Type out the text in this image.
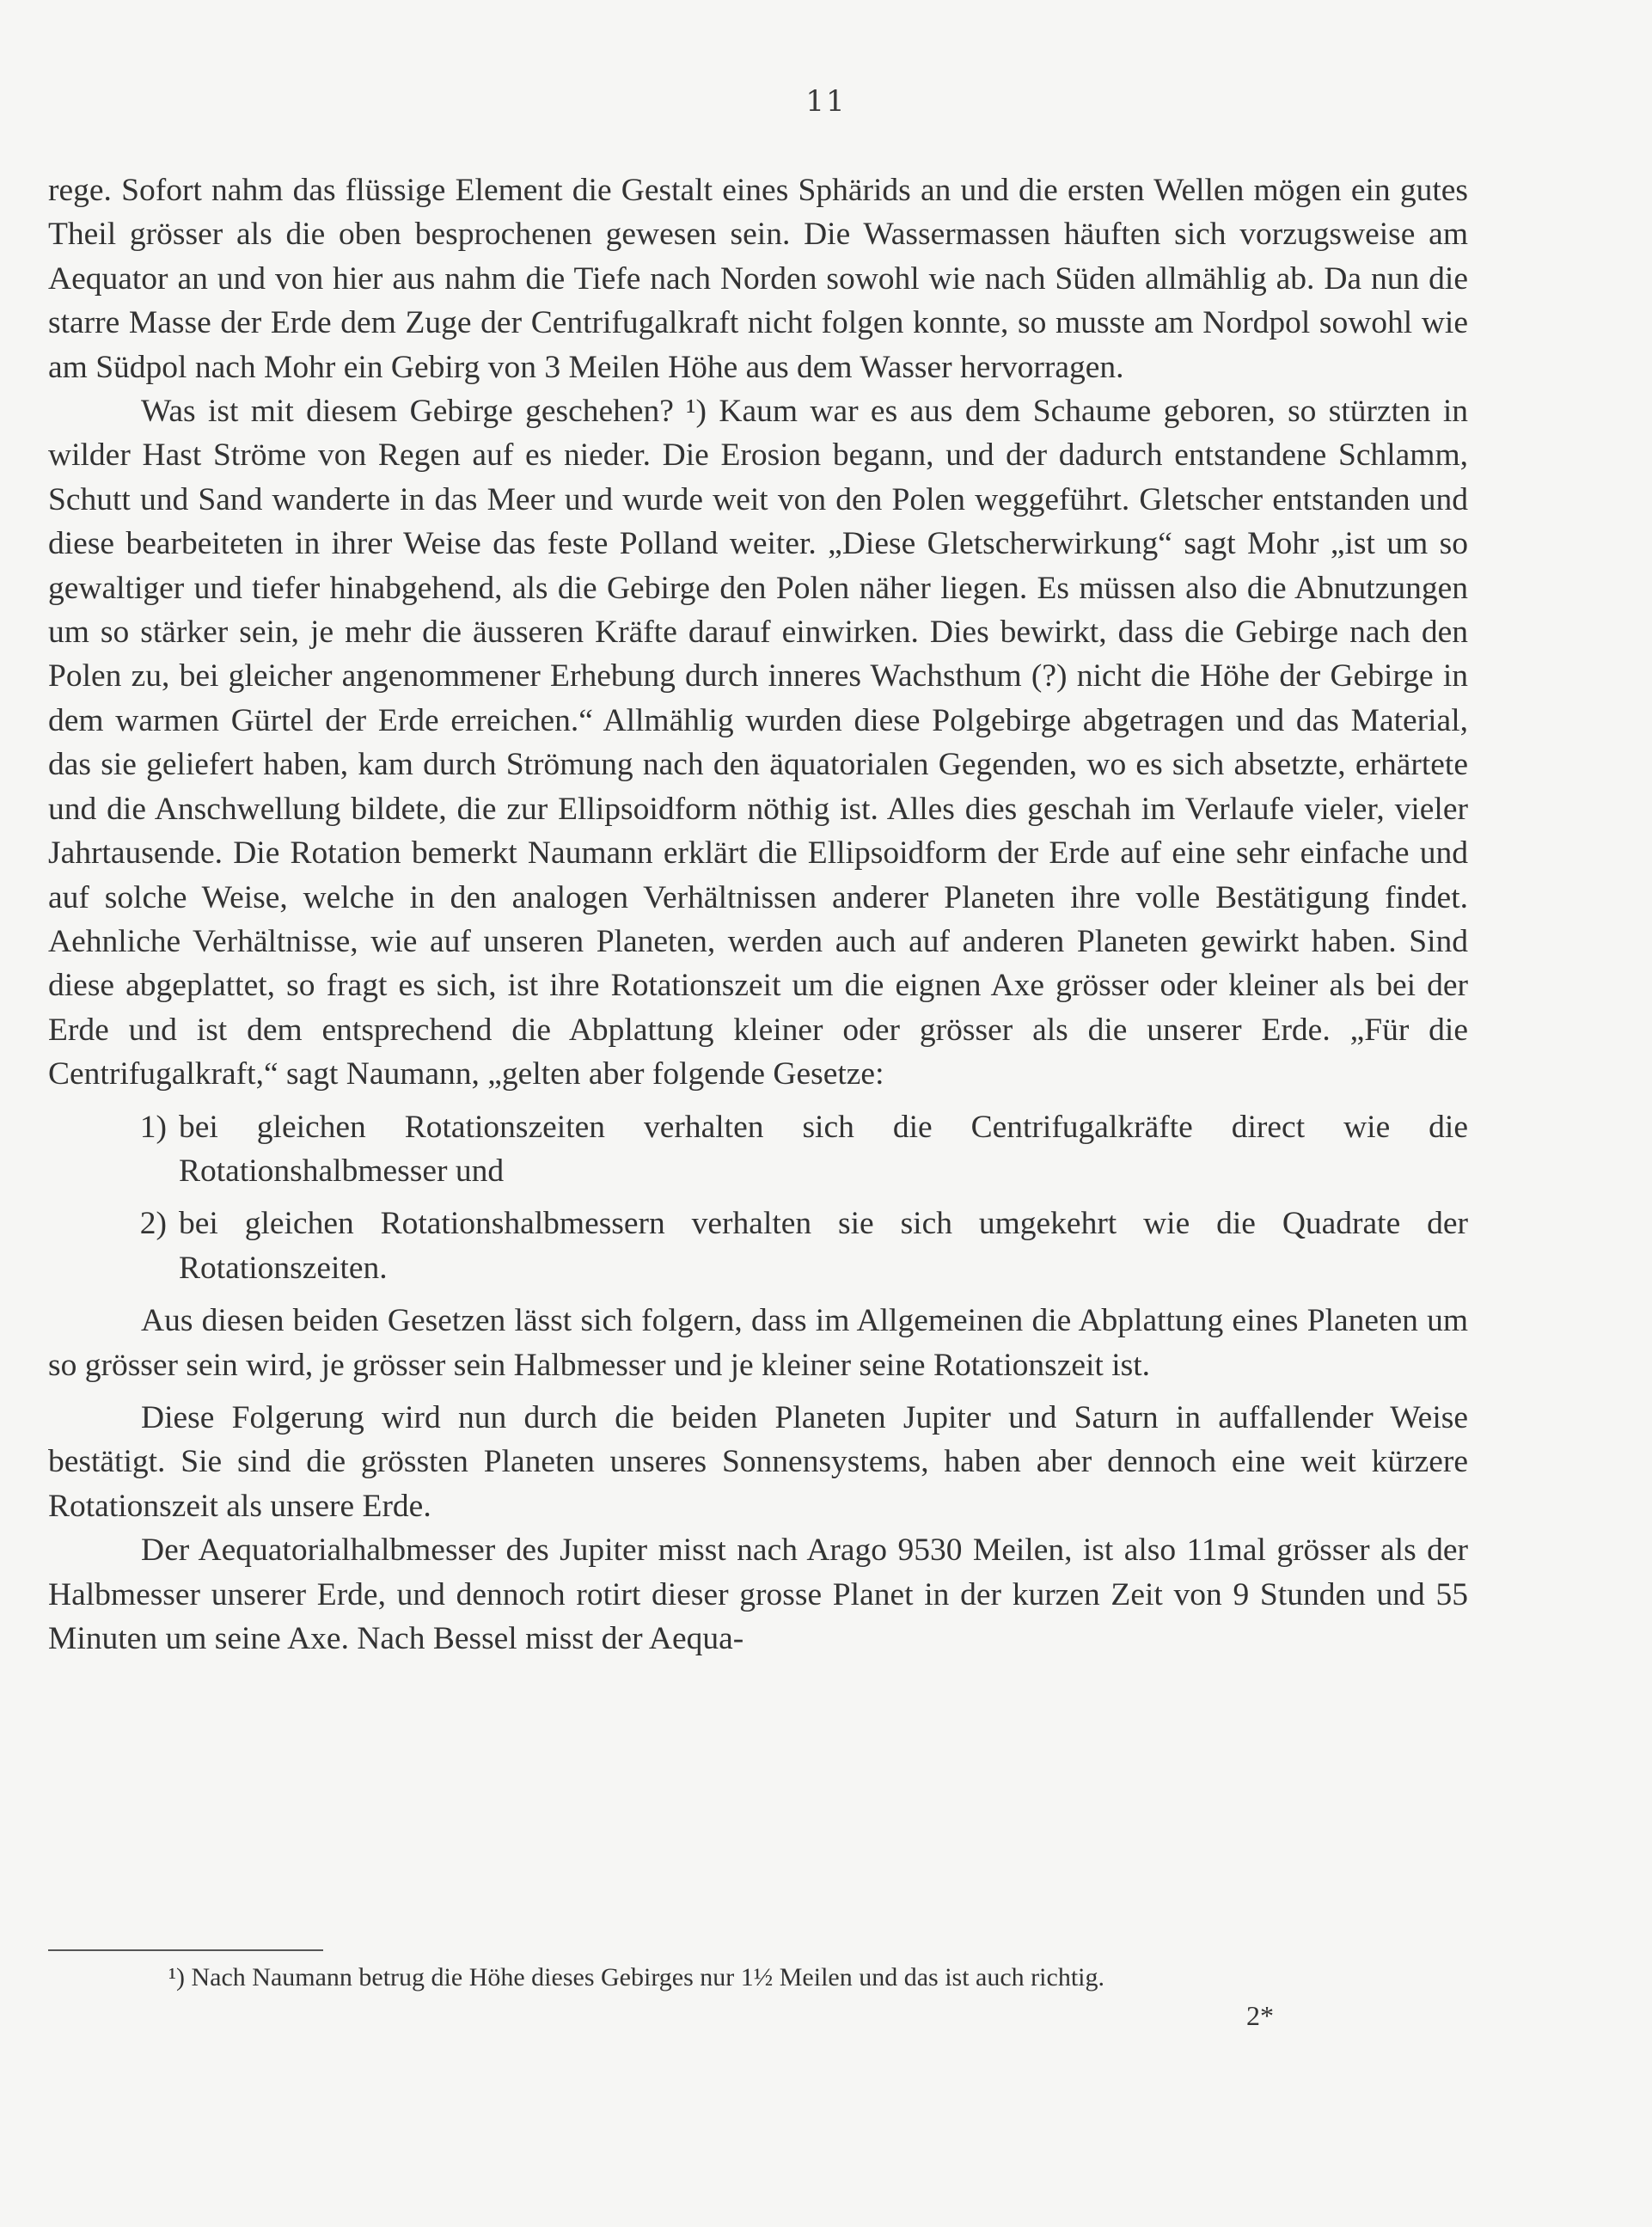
11

rege. Sofort nahm das flüssige Element die Gestalt eines Sphärids an und die ersten Wellen mögen ein gutes Theil grösser als die oben besprochenen gewesen sein. Die Wassermassen häuften sich vorzugsweise am Aequator an und von hier aus nahm die Tiefe nach Norden sowohl wie nach Süden allmählig ab. Da nun die starre Masse der Erde dem Zuge der Centrifugalkraft nicht folgen konnte, so musste am Nordpol sowohl wie am Südpol nach Mohr ein Gebirg von 3 Meilen Höhe aus dem Wasser hervorragen.

Was ist mit diesem Gebirge geschehen? ¹) Kaum war es aus dem Schaume geboren, so stürzten in wilder Hast Ströme von Regen auf es nieder. Die Erosion begann, und der dadurch entstandene Schlamm, Schutt und Sand wanderte in das Meer und wurde weit von den Polen weggeführt. Gletscher entstanden und diese bearbeiteten in ihrer Weise das feste Polland weiter. „Diese Gletscherwirkung“ sagt Mohr „ist um so gewaltiger und tiefer hinabgehend, als die Gebirge den Polen näher liegen. Es müssen also die Abnutzungen um so stärker sein, je mehr die äusseren Kräfte darauf einwirken. Dies bewirkt, dass die Gebirge nach den Polen zu, bei gleicher angenommener Erhebung durch inneres Wachsthum (?) nicht die Höhe der Gebirge in dem warmen Gürtel der Erde erreichen.“ Allmählig wurden diese Polgebirge abgetragen und das Material, das sie geliefert haben, kam durch Strömung nach den äquatorialen Gegenden, wo es sich absetzte, erhärtete und die Anschwellung bildete, die zur Ellipsoidform nöthig ist. Alles dies geschah im Verlaufe vieler, vieler Jahrtausende. Die Rotation bemerkt Naumann erklärt die Ellipsoidform der Erde auf eine sehr einfache und auf solche Weise, welche in den analogen Verhältnissen anderer Planeten ihre volle Bestätigung findet. Aehnliche Verhältnisse, wie auf unseren Planeten, werden auch auf anderen Planeten gewirkt haben. Sind diese abgeplattet, so fragt es sich, ist ihre Rotationszeit um die eignen Axe grösser oder kleiner als bei der Erde und ist dem entsprechend die Abplattung kleiner oder grösser als die unserer Erde. „Für die Centrifugalkraft,“ sagt Naumann, „gelten aber folgende Gesetze:

1) bei gleichen Rotationszeiten verhalten sich die Centrifugalkräfte direct wie die Rotationshalbmesser und
2) bei gleichen Rotationshalbmessern verhalten sie sich umgekehrt wie die Quadrate der Rotationszeiten.

Aus diesen beiden Gesetzen lässt sich folgern, dass im Allgemeinen die Abplattung eines Planeten um so grösser sein wird, je grösser sein Halbmesser und je kleiner seine Rotationszeit ist.

Diese Folgerung wird nun durch die beiden Planeten Jupiter und Saturn in auffallender Weise bestätigt. Sie sind die grössten Planeten unseres Sonnensystems, haben aber dennoch eine weit kürzere Rotationszeit als unsere Erde.

Der Aequatorialhalbmesser des Jupiter misst nach Arago 9530 Meilen, ist also 11mal grösser als der Halbmesser unserer Erde, und dennoch rotirt dieser grosse Planet in der kurzen Zeit von 9 Stunden und 55 Minuten um seine Axe. Nach Bessel misst der Aequa-

¹) Nach Naumann betrug die Höhe dieses Gebirges nur 1½ Meilen und das ist auch richtig.
2*
